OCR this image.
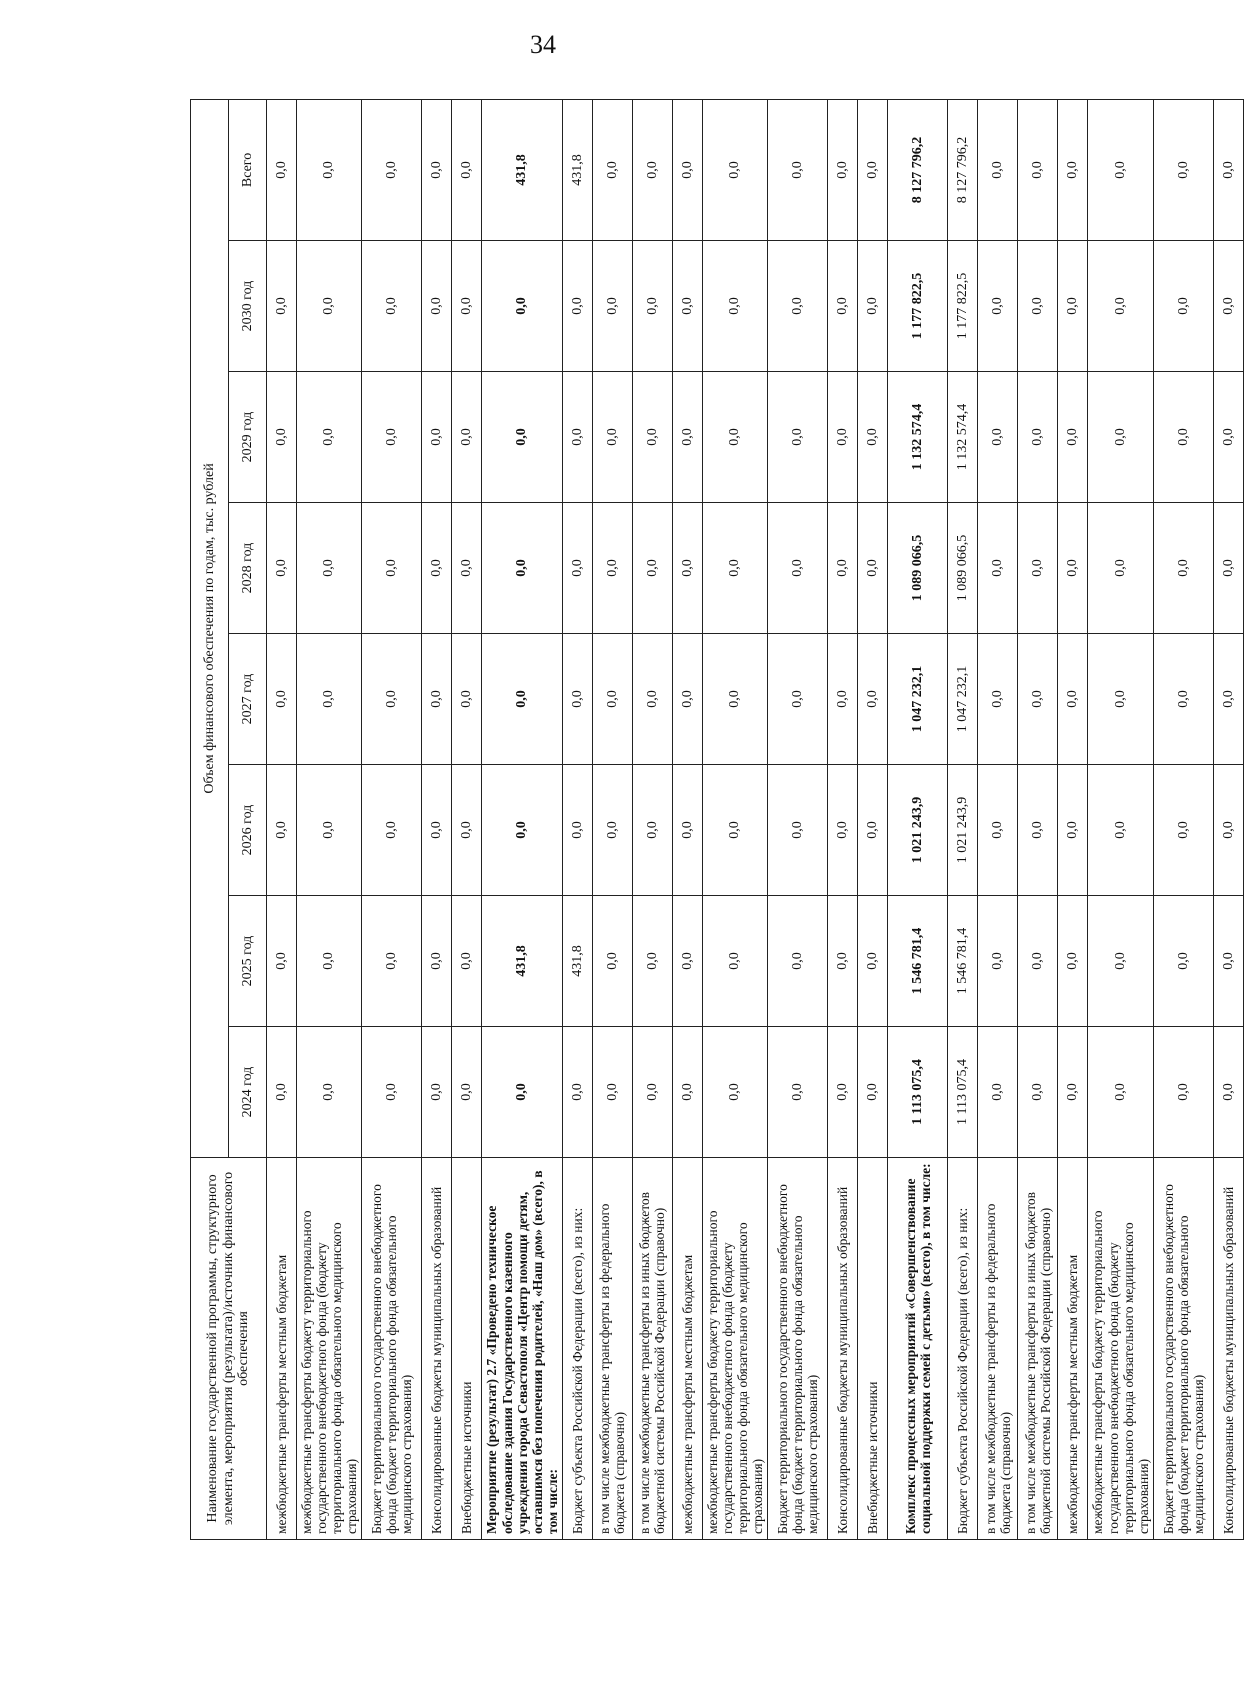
34
Наименование государственной программы, структурного элемента, мероприятия (результата)/источник финансового обеспечения	Объем финансового обеспечения по годам, тыс. рублей							
	2024 год	2025 год	2026 год	2027 год	2028 год	2029 год	2030 год	Всего
межбюджетные трансферты местным бюджетам	0,0	0,0	0,0	0,0	0,0	0,0	0,0	0,0
межбюджетные трансферты бюджету территориального государственного внебюджетного фонда (бюджету территориального фонда обязательного медицинского страхования)	0,0	0,0	0,0	0,0	0,0	0,0	0,0	0,0
Бюджет территориального государственного внебюджетного фонда (бюджет территориального фонда обязательного медицинского страхования)	0,0	0,0	0,0	0,0	0,0	0,0	0,0	0,0
Консолидированные бюджеты муниципальных образований	0,0	0,0	0,0	0,0	0,0	0,0	0,0	0,0
Внебюджетные источники	0,0	0,0	0,0	0,0	0,0	0,0	0,0	0,0
Мероприятие (результат) 2.7 «Проведено техническое обследование здания Государственного казенного учреждения города Севастополя «Центр помощи детям, оставшимся без попечения родителей, «Наш дом» (всего), в том числе:	0,0	431,8	0,0	0,0	0,0	0,0	0,0	431,8
Бюджет субъекта Российской Федерации (всего), из них:	0,0	431,8	0,0	0,0	0,0	0,0	0,0	431,8
в том числе межбюджетные трансферты из федерального бюджета (справочно)	0,0	0,0	0,0	0,0	0,0	0,0	0,0	0,0
в том числе межбюджетные трансферты из иных бюджетов бюджетной системы Российской Федерации (справочно)	0,0	0,0	0,0	0,0	0,0	0,0	0,0	0,0
межбюджетные трансферты местным бюджетам	0,0	0,0	0,0	0,0	0,0	0,0	0,0	0,0
межбюджетные трансферты бюджету территориального государственного внебюджетного фонда (бюджету территориального фонда обязательного медицинского страхования)	0,0	0,0	0,0	0,0	0,0	0,0	0,0	0,0
Бюджет территориального государственного внебюджетного фонда (бюджет территориального фонда обязательного медицинского страхования)	0,0	0,0	0,0	0,0	0,0	0,0	0,0	0,0
Консолидированные бюджеты муниципальных образований	0,0	0,0	0,0	0,0	0,0	0,0	0,0	0,0
Внебюджетные источники	0,0	0,0	0,0	0,0	0,0	0,0	0,0	0,0
Комплекс процессных мероприятий «Совершенствование социальной поддержки семей с детьми» (всего), в том числе:	1 113 075,4	1 546 781,4	1 021 243,9	1 047 232,1	1 089 066,5	1 132 574,4	1 177 822,5	8 127 796,2
Бюджет субъекта Российской Федерации (всего), из них:	1 113 075,4	1 546 781,4	1 021 243,9	1 047 232,1	1 089 066,5	1 132 574,4	1 177 822,5	8 127 796,2
в том числе межбюджетные трансферты из федерального бюджета (справочно)	0,0	0,0	0,0	0,0	0,0	0,0	0,0	0,0
в том числе межбюджетные трансферты из иных бюджетов бюджетной системы Российской Федерации (справочно)	0,0	0,0	0,0	0,0	0,0	0,0	0,0	0,0
межбюджетные трансферты местным бюджетам	0,0	0,0	0,0	0,0	0,0	0,0	0,0	0,0
межбюджетные трансферты бюджету территориального государственного внебюджетного фонда (бюджету территориального фонда обязательного медицинского страхования)	0,0	0,0	0,0	0,0	0,0	0,0	0,0	0,0
Бюджет территориального государственного внебюджетного фонда (бюджет территориального фонда обязательного медицинского страхования)	0,0	0,0	0,0	0,0	0,0	0,0	0,0	0,0
Консолидированные бюджеты муниципальных образований	0,0	0,0	0,0	0,0	0,0	0,0	0,0	0,0
